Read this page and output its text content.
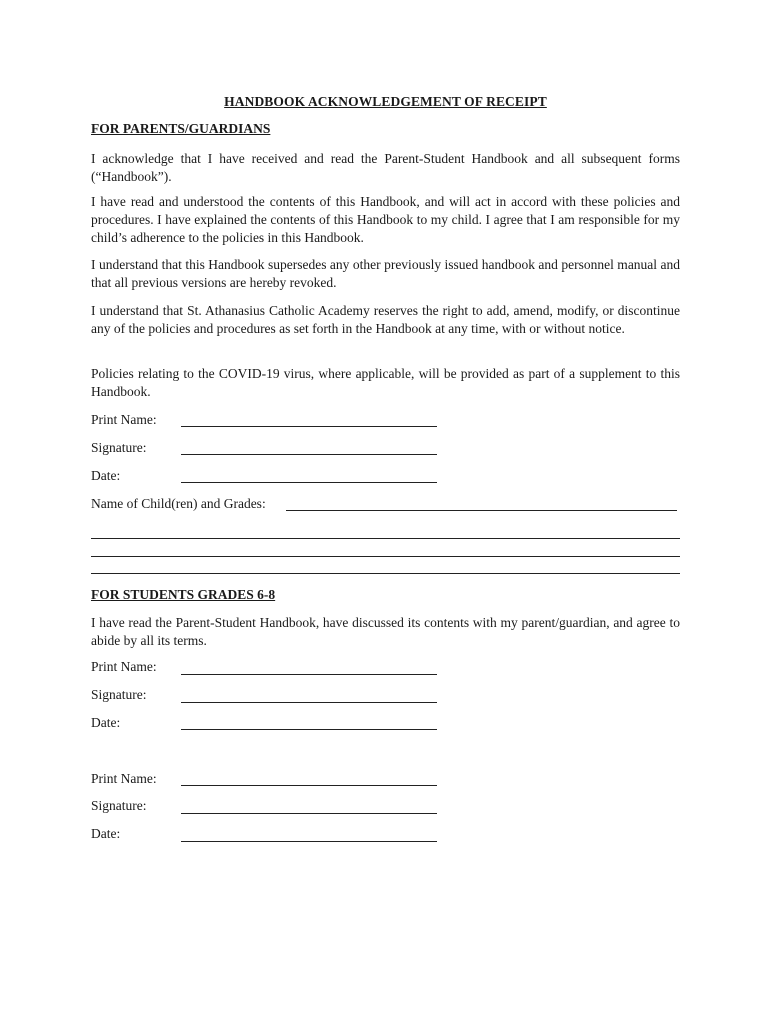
HANDBOOK ACKNOWLEDGEMENT OF RECEIPT
FOR PARENTS/GUARDIANS
I acknowledge that I have received and read the Parent-Student Handbook and all subsequent forms (“Handbook”).
I have read and understood the contents of this Handbook, and will act in accord with these policies and procedures. I have explained the contents of this Handbook to my child. I agree that I am responsible for my child’s adherence to the policies in this Handbook.
I understand that this Handbook supersedes any other previously issued handbook and personnel manual and that all previous versions are hereby revoked.
I understand that St. Athanasius Catholic Academy reserves the right to add, amend, modify, or discontinue any of the policies and procedures as set forth in the Handbook at any time, with or without notice.
Policies relating to the COVID-19 virus, where applicable, will be provided as part of a supplement to this Handbook.
Print Name:
Signature:
Date:
Name of Child(ren) and Grades:
FOR STUDENTS GRADES 6-8
I have read the Parent-Student Handbook, have discussed its contents with my parent/guardian, and agree to abide by all its terms.
Print Name:
Signature:
Date:
Print Name:
Signature:
Date:
